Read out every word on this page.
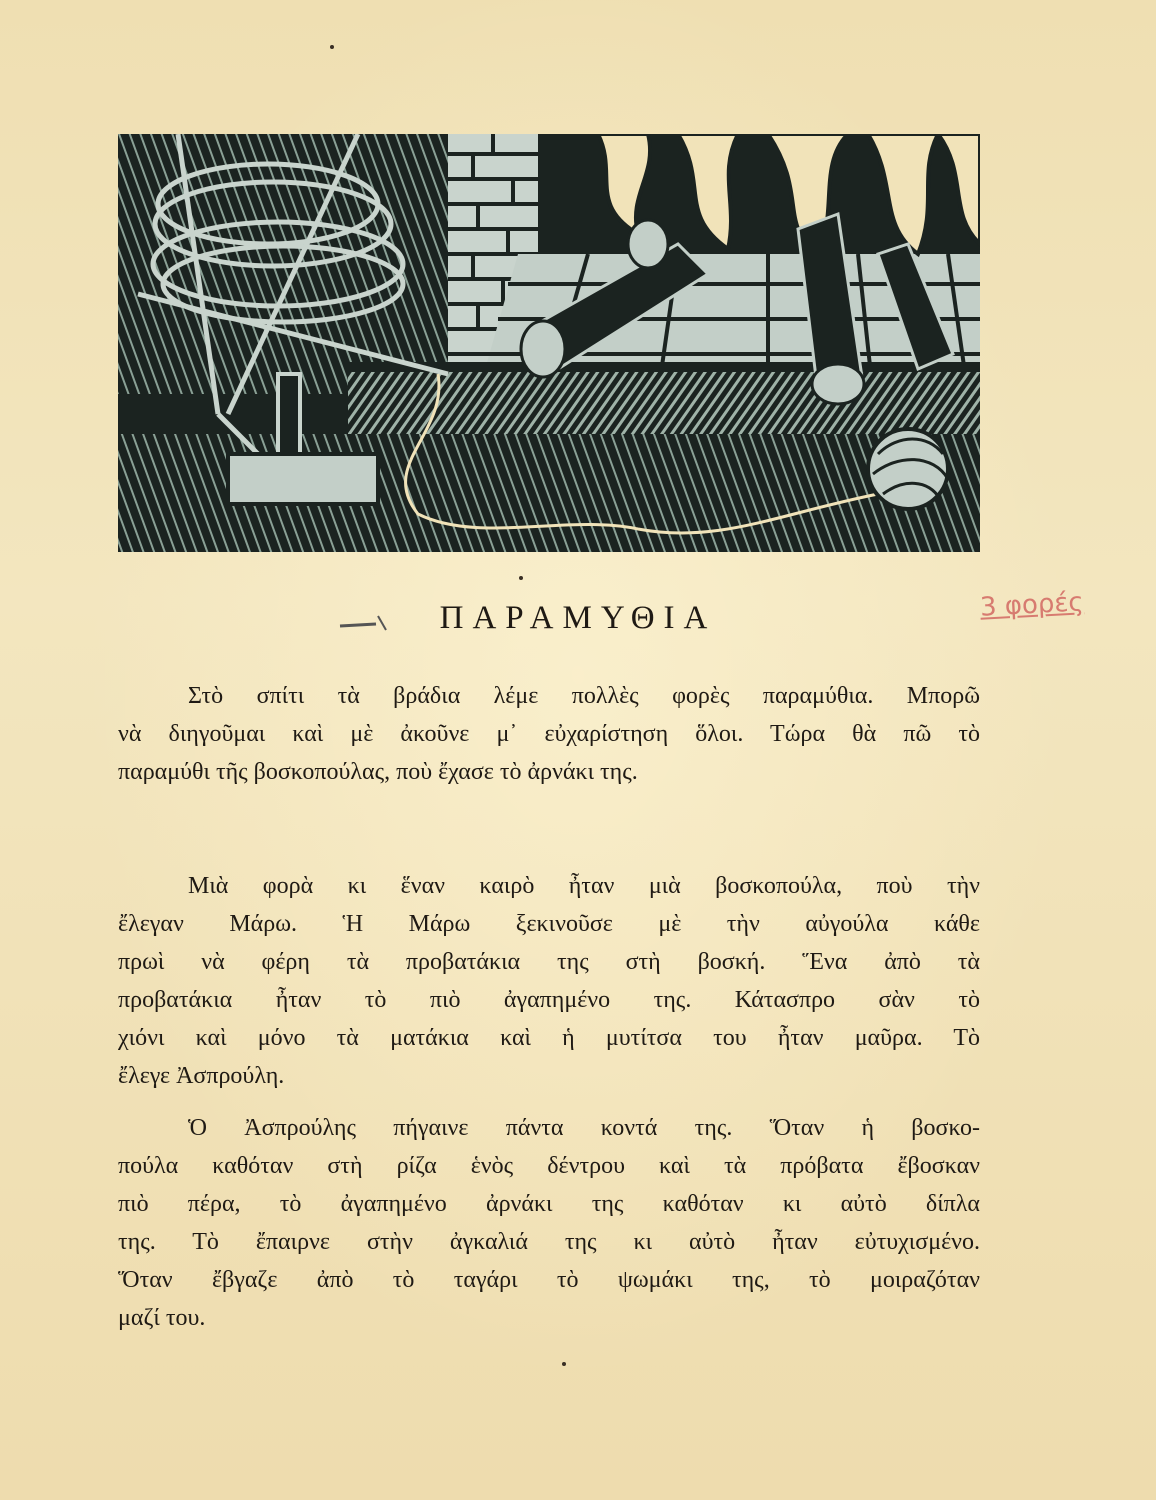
ΠΑΡΑΜΥΘΙΑ	3 φορές
Στὸ σπίτι τὰ βράδια λέμε πολλὲς φορὲς παραμύθια. Μπορῶ
νὰ διηγοῦμαι καὶ μὲ ἀκοῦνε μ᾽ εὐχαρίστηση ὅλοι. Τώρα θὰ πῶ τὸ
παραμύθι τῆς βοσκοπούλας, ποὺ ἔχασε τὸ ἀρνάκι της.
Μιὰ φορὰ κι ἕναν καιρὸ ἦταν μιὰ βοσκοπούλα, ποὺ τὴν
ἔλεγαν Μάρω. Ἡ Μάρω ξεκινοῦσε μὲ τὴν αὐγούλα κάθε
πρωὶ νὰ φέρη τὰ προβατάκια της στὴ βοσκή. Ἕνα ἀπὸ τὰ
προβατάκια ἦταν τὸ πιὸ ἀγαπημένο της. Κάτασπρο σὰν τὸ
χιόνι καὶ μόνο τὰ ματάκια καὶ ἡ μυτίτσα του ἦταν μαῦρα. Τὸ
ἔλεγε Ἀσπρούλη.
Ὁ Ἀσπρούλης πήγαινε πάντα κοντά της. Ὅταν ἡ βοσκο-
πούλα καθόταν στὴ ρίζα ἑνὸς δέντρου καὶ τὰ πρόβατα ἔβοσκαν
πιὸ πέρα, τὸ ἀγαπημένο ἀρνάκι της καθόταν κι αὐτὸ δίπλα
της. Τὸ ἔπαιρνε στὴν ἀγκαλιά της κι αὐτὸ ἦταν εὐτυχισμένο.
Ὅταν ἔβγαζε ἀπὸ τὸ ταγάρι τὸ ψωμάκι της, τὸ μοιραζόταν
μαζί του.
